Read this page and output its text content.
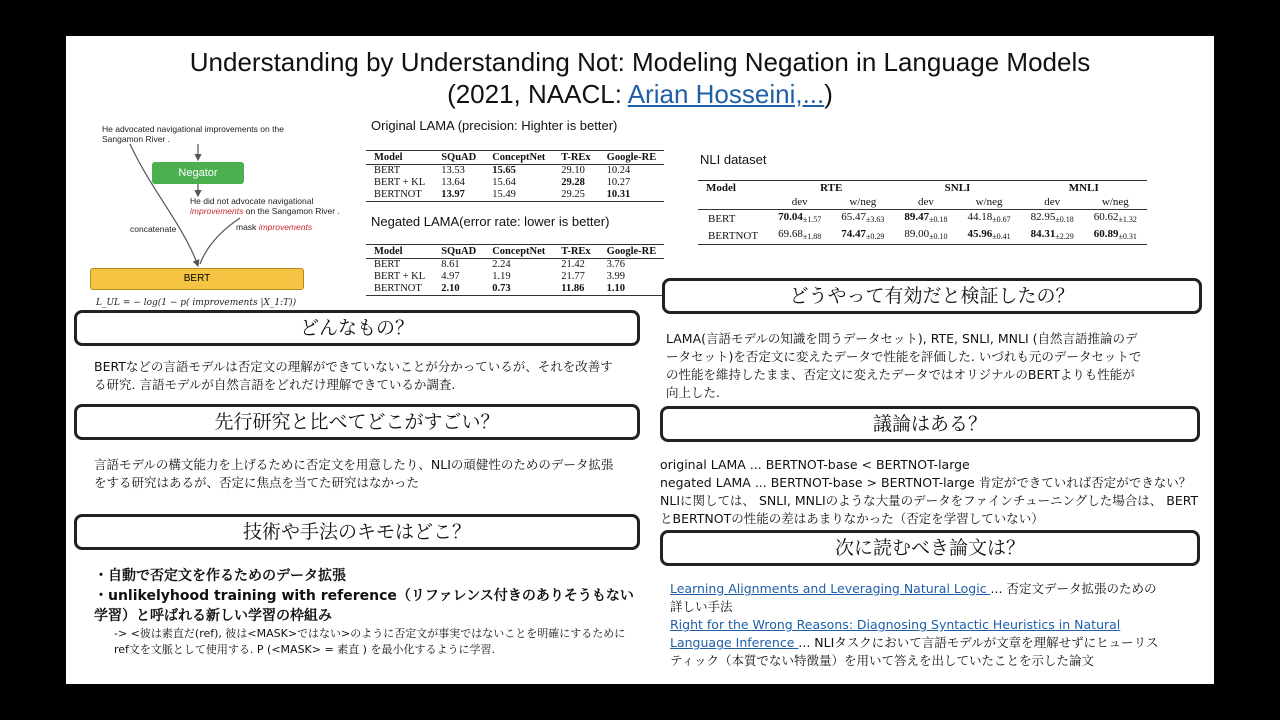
Understanding by Understanding Not: Modeling Negation in Language Models
(2021, NAACL: Arian Hosseini,...)
He advocated navigational improvements on the Sangamon River .
Negator
He did not advocate navigational
improvements on the Sangamon River .
concatenate	mask improvements
BERT
L_UL = − log(1 − p( improvements |X_1:T))
Original LAMA (precision: Highter is better)
Model	SQuAD	ConceptNet	T-REx	Google-RE
BERT	13.53	15.65	29.10	10.24
BERT + KL	13.64	15.64	29.28	10.27
BERTNOT	13.97	15.49	29.25	10.31
Negated LAMA(error rate: lower is better)
Model	SQuAD	ConceptNet	T-REx	Google-RE
BERT	8.61	2.24	21.42	3.76
BERT + KL	4.97	1.19	21.77	3.99
BERTNOT	2.10	0.73	11.86	1.10
NLI dataset
Model	RTE		SNLI		MNLI	
	dev	w/neg	dev	w/neg	dev	w/neg
BERT	$70.04_{\pm 1.57}$	$65.47_{\pm 3.63}$	$89.47_{\pm 0.18}$	$44.18_{\pm 0.67}$	$82.95_{\pm 0.18}$	$60.62_{\pm 1.32}$
BERTNOT	$69.68_{\pm 1.88}$	$74.47_{\pm 0.29}$	$89.00_{\pm 0.10}$	$45.96_{\pm 0.41}$	$84.31_{\pm 2.29}$	$60.89_{\pm 0.31}$
どんなもの？
BERTなどの言語モデルは否定文の理解ができていないことが分かっているが、それを改善する研究. 言語モデルが自然言語をどれだけ理解できているか調査.
先行研究と比べてどこがすごい？
言語モデルの構文能力を上げるために否定文を用意したり、NLIの頑健性のためのデータ拡張をする研究はあるが、否定に焦点を当てた研究はなかった
技術や手法のキモはどこ？
・自動で否定文を作るためのデータ拡張
・unlikelyhood training with reference（リファレンス付きのありそうもない学習）と呼ばれる新しい学習の枠組み
-> <彼は素直だ(ref), 彼は<MASK>ではない>のように否定文が事実ではないことを明確にするためにref文を文脈として使用する. P (<MASK> = 素直 ) を最小化するように学習.
どうやって有効だと検証したの？
LAMA(言語モデルの知識を問うデータセット), RTE, SNLI, MNLI (自然言語推論のデータセット)を否定文に変えたデータで性能を評価した. いづれも元のデータセットでの性能を維持したまま、否定文に変えたデータではオリジナルのBERTよりも性能が向上した.
議論はある？
original LAMA ... BERTNOT-base < BERTNOT-large
negated LAMA ... BERTNOT-base > BERTNOT-large 肯定ができていれば否定ができない？
NLIに関しては、 SNLI, MNLIのような大量のデータをファインチューニングした場合は、 BERTとBERTNOTの性能の差はあまりなかった（否定を学習していない）
次に読むべき論文は？
Learning Alignments and Leveraging Natural Logic ... 否定文データ拡張のための詳しい手法
Right for the Wrong Reasons: Diagnosing Syntactic Heuristics in Natural Language Inference ... NLIタスクにおいて言語モデルが文章を理解せずにヒューリスティック（本質でない特徴量）を用いて答えを出していたことを示した論文
